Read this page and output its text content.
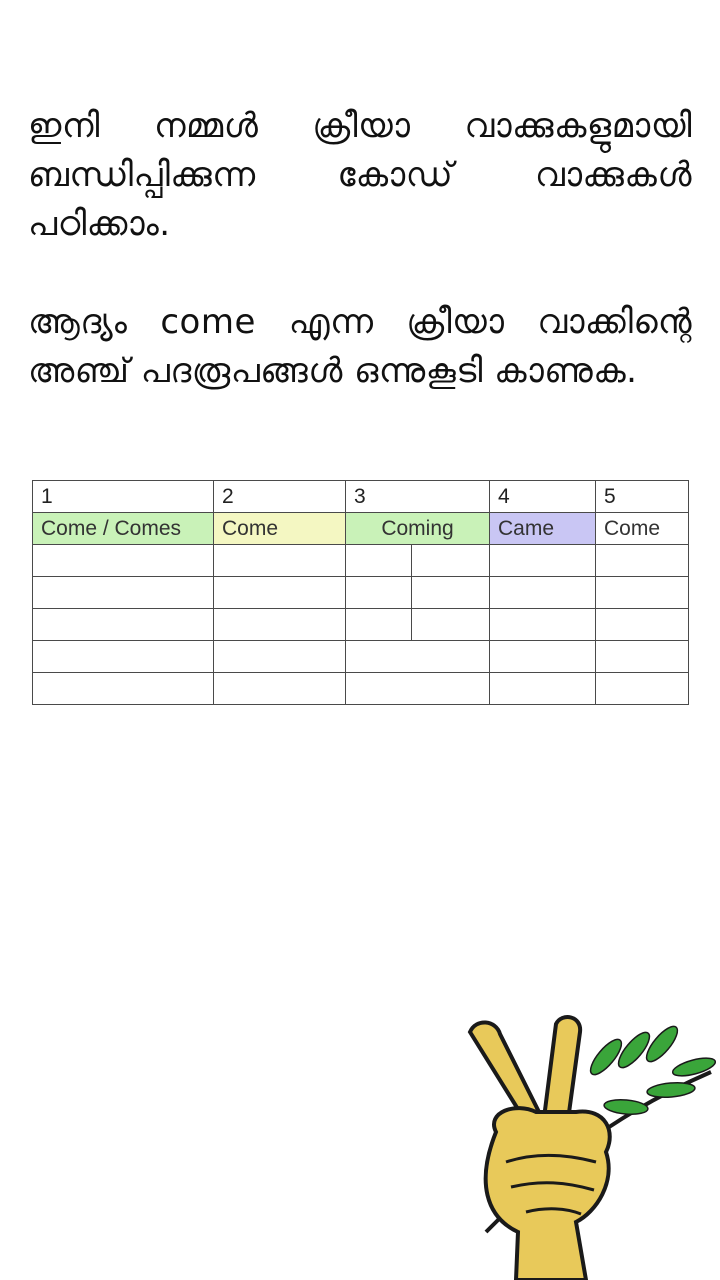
ഇനി നമ്മൾ ക്രീയാ വാക്കുകളുമായി ബന്ധിപ്പിക്കുന്ന കോഡ് വാക്കുകൾ പഠിക്കാം.
ആദ്യം come എന്ന ക്രീയാ വാക്കിന്റെ അഞ്ച് പദരൂപങ്ങൾ ഒന്നുകൂടി കാണുക.
1	2	3		4	5
Come / Comes	Come	Coming		Came	Come
